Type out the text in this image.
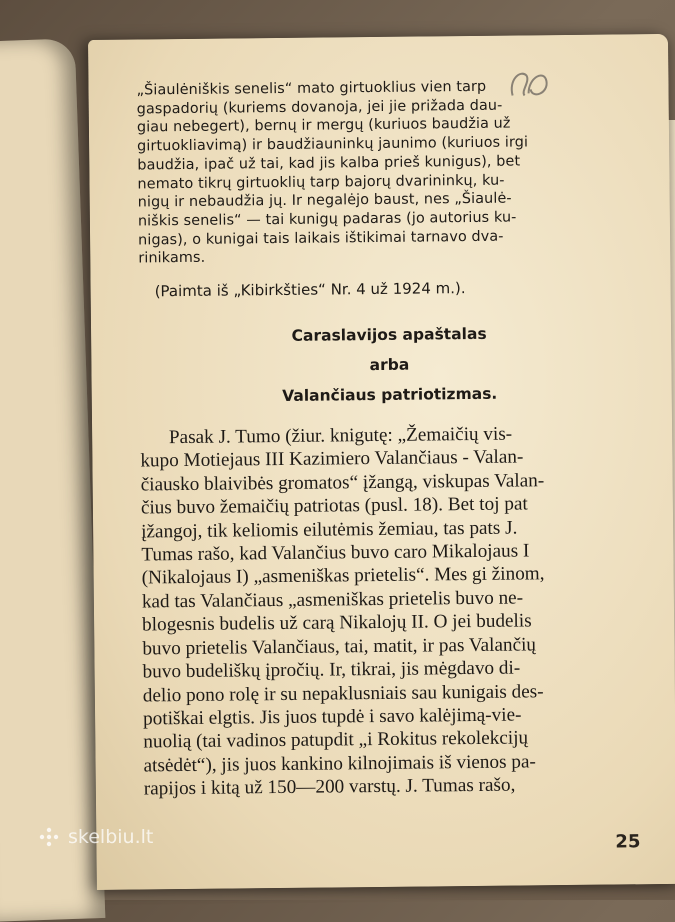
„Šiaulėniškis senelis“ mato girtuoklius vien tarp
gaspadorių (kuriems dovanoja, jei jie prižada dau-
giau nebegert), bernų ir mergų (kuriuos baudžia už
girtuokliavimą) ir baudžiauninkų jaunimo (kuriuos irgi
baudžia, ipač už tai, kad jis kalba prieš kunigus), bet
nemato tikrų girtuoklių tarp bajorų dvarininkų, ku-
nigų ir nebaudžia jų. Ir negalėjo baust, nes „Šiaulė-
niškis senelis“ — tai kunigų padaras (jo autorius ku-
nigas), o kunigai tais laikais ištikimai tarnavo dva-
rinikams.
(Paimta iš „Kibirkšties“ Nr. 4 už 1924 m.).

Caraslavijos apaštalas

arba

Valančiaus patriotizmas.

Pasak J. Tumo (žiur. knigutę: „Žemaičių vis-
kupo Motiejaus III Kazimiero Valančiaus - Valan-
čiausko blaivibės gromatos“ įžangą, viskupas Valan-
čius buvo žemaičių patriotas (pusl. 18). Bet toj pat
įžangoj, tik keliomis eilutėmis žemiau, tas pats J.
Tumas rašo, kad Valančius buvo caro Mikalojaus I
(Nikalojaus I) „asmeniškas prietelis“. Mes gi žinom,
kad tas Valančiaus „asmeniškas prietelis buvo ne-
blogesnis budelis už carą Nikalojų II. O jei budelis
buvo prietelis Valančiaus, tai, matit, ir pas Valančių
buvo budeliškų įpročių. Ir, tikrai, jis mėgdavo di-
delio pono rolę ir su nepaklusniais sau kunigais des-
potiškai elgtis. Jis juos tupdė i savo kalėjimą-vie-
nuolią (tai vadinos patupdit „i Rokitus rekolekcijų
atsėdėt“), jis juos kankino kilnojimais iš vienos pa-
rapijos i kitą už 150—200 varstų. J. Tumas rašo,
25
skelbiu.lt
